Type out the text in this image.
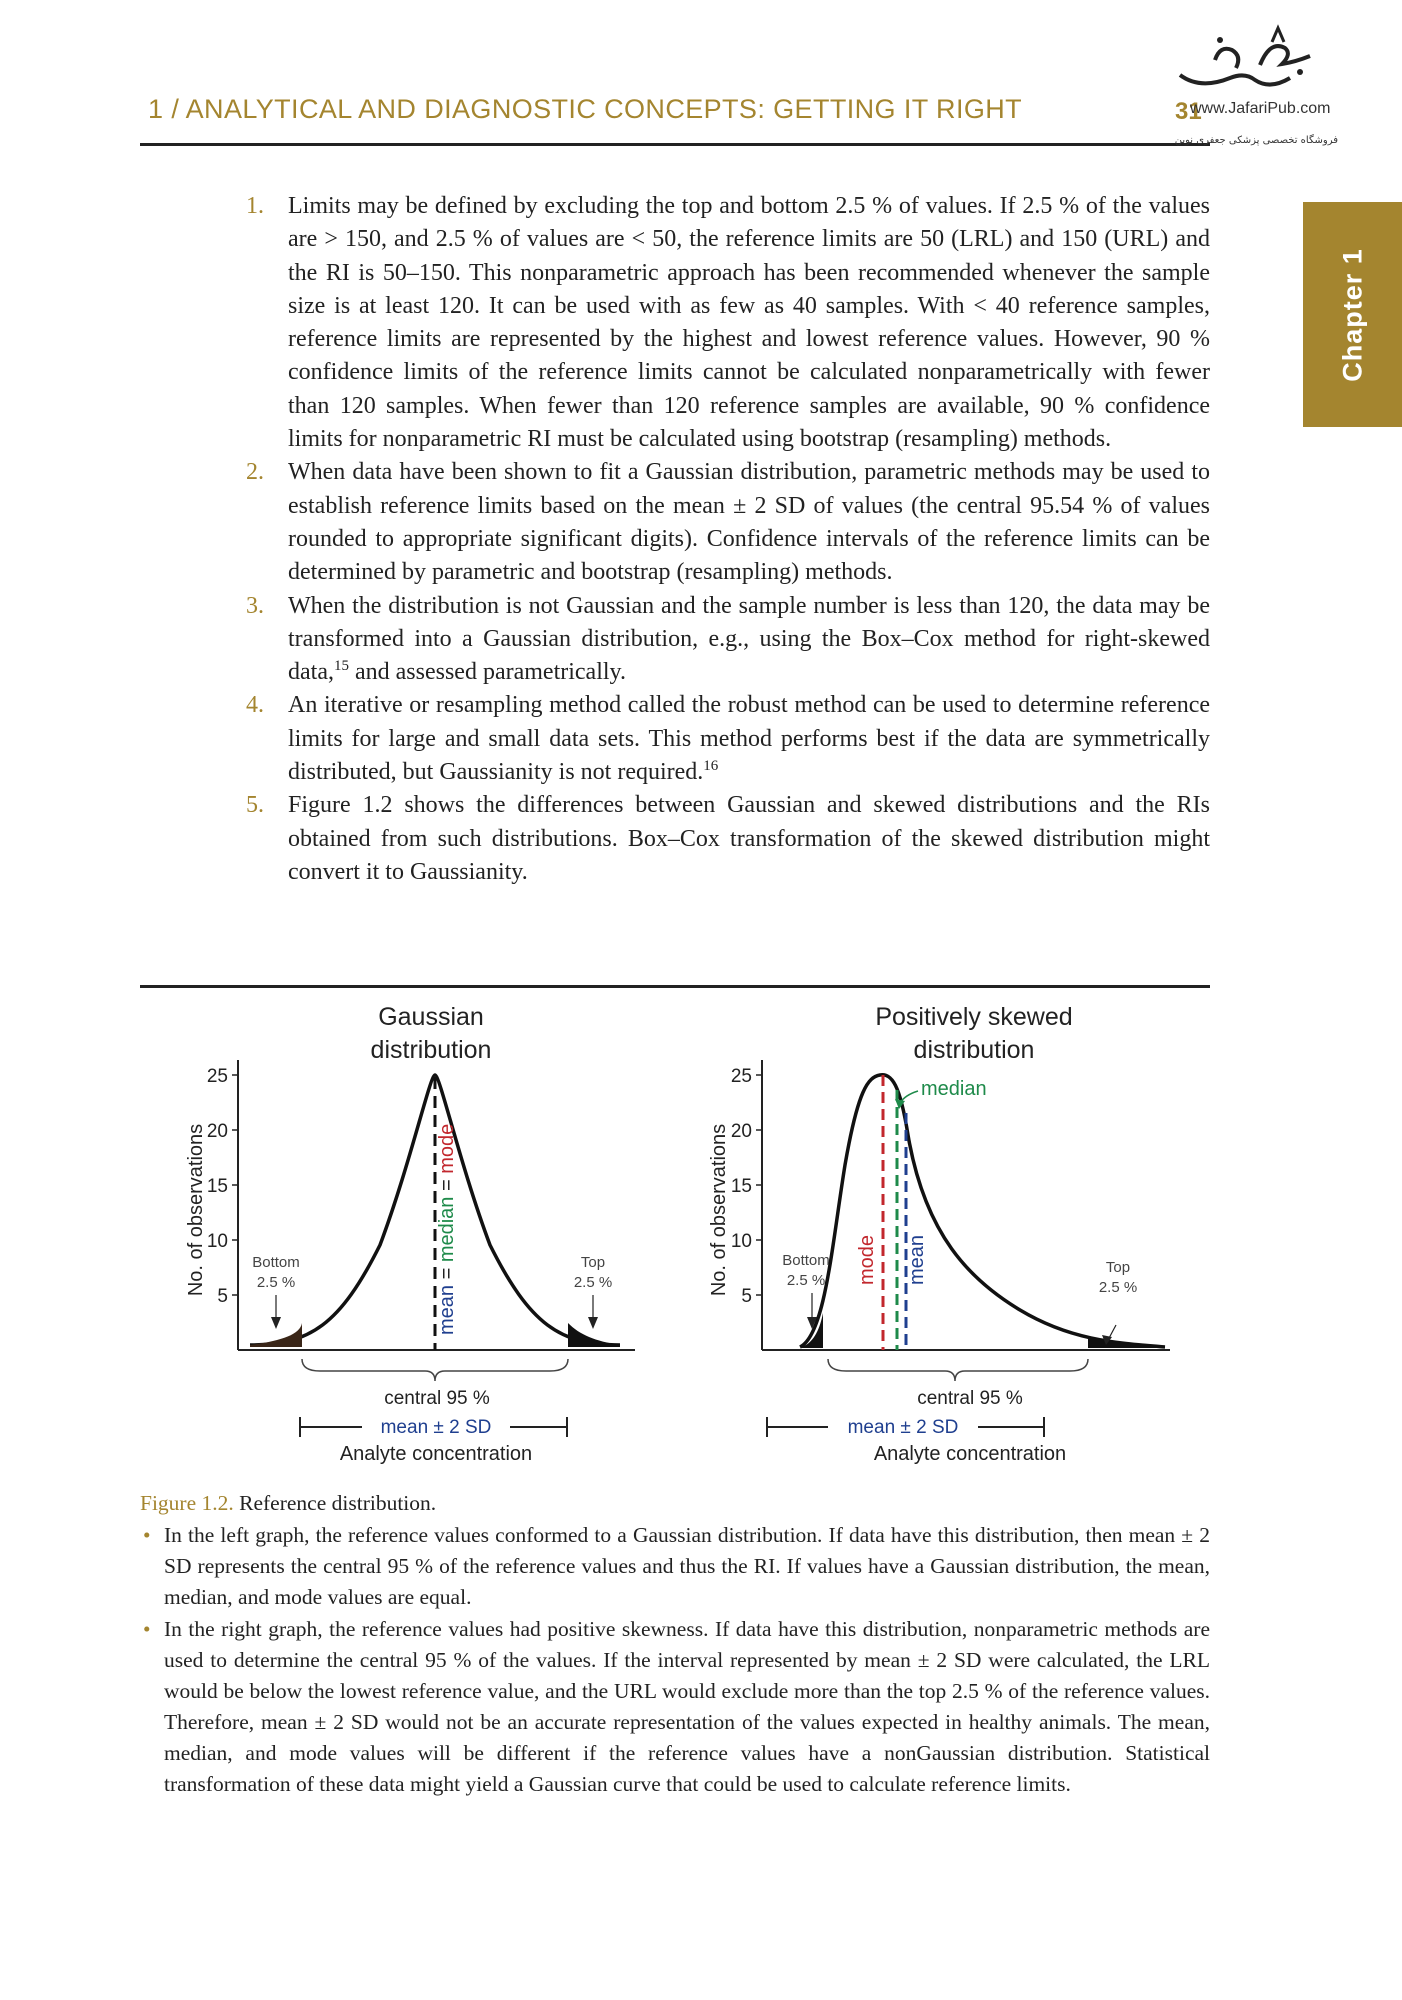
1 / ANALYTICAL AND DIAGNOSTIC CONCEPTS: GETTING IT RIGHT	31
www.JafariPub.com
فروشگاه تخصصی پزشکی جعفری نوین
Chapter 1
1. Limits may be defined by excluding the top and bottom 2.5 % of values. If 2.5 % of the values are > 150, and 2.5 % of values are < 50, the reference limits are 50 (LRL) and 150 (URL) and the RI is 50–150. This nonparametric approach has been recommended whenever the sample size is at least 120. It can be used with as few as 40 samples. With < 40 reference samples, reference limits are represented by the highest and lowest reference values. However, 90 % confidence limits of the reference limits cannot be calculated nonparametrically with fewer than 120 samples. When fewer than 120 reference samples are available, 90 % confidence limits for nonparametric RI must be calculated using bootstrap (resampling) methods.
2. When data have been shown to fit a Gaussian distribution, parametric methods may be used to establish reference limits based on the mean ± 2 SD of values (the central 95.54 % of values rounded to appropriate significant digits). Confidence intervals of the reference limits can be determined by parametric and bootstrap (resampling) methods.
3. When the distribution is not Gaussian and the sample number is less than 120, the data may be transformed into a Gaussian distribution, e.g., using the Box–Cox method for right-skewed data,$^{15}$ and assessed parametrically.
4. An iterative or resampling method called the robust method can be used to determine reference limits for large and small data sets. This method performs best if the data are symmetrically distributed, but Gaussianity is not required.$^{16}$
5. Figure 1.2 shows the differences between Gaussian and skewed distributions and the RIs obtained from such distributions. Box–Cox transformation of the skewed distribution might convert it to Gaussianity.
Gaussian
distribution
No. of observations
25
20
15
10
5	mean = median = mode
Bottom
2.5 %
Top
2.5 %
central 95 %
mean ± 2 SD
Analyte concentration
Positively skewed
distribution
No. of observations
25
20
15
10
5
mode mean
median
Bottom
2.5 %
Top
2.5 %
central 95 %
mean ± 2 SD
Analyte concentration
Figure 1.2. Reference distribution.
• In the left graph, the reference values conformed to a Gaussian distribution. If data have this distribution, then mean ± 2 SD represents the central 95 % of the reference values and thus the RI. If values have a Gaussian distribution, the mean, median, and mode values are equal.
• In the right graph, the reference values had positive skewness. If data have this distribution, nonparametric methods are used to determine the central 95 % of the values. If the interval represented by mean ± 2 SD were calculated, the LRL would be below the lowest reference value, and the URL would exclude more than the top 2.5 % of the reference values. Therefore, mean ± 2 SD would not be an accurate representation of the values expected in healthy animals. The mean, median, and mode values will be different if the reference values have a nonGaussian distribution. Statistical transformation of these data might yield a Gaussian curve that could be used to calculate reference limits.
